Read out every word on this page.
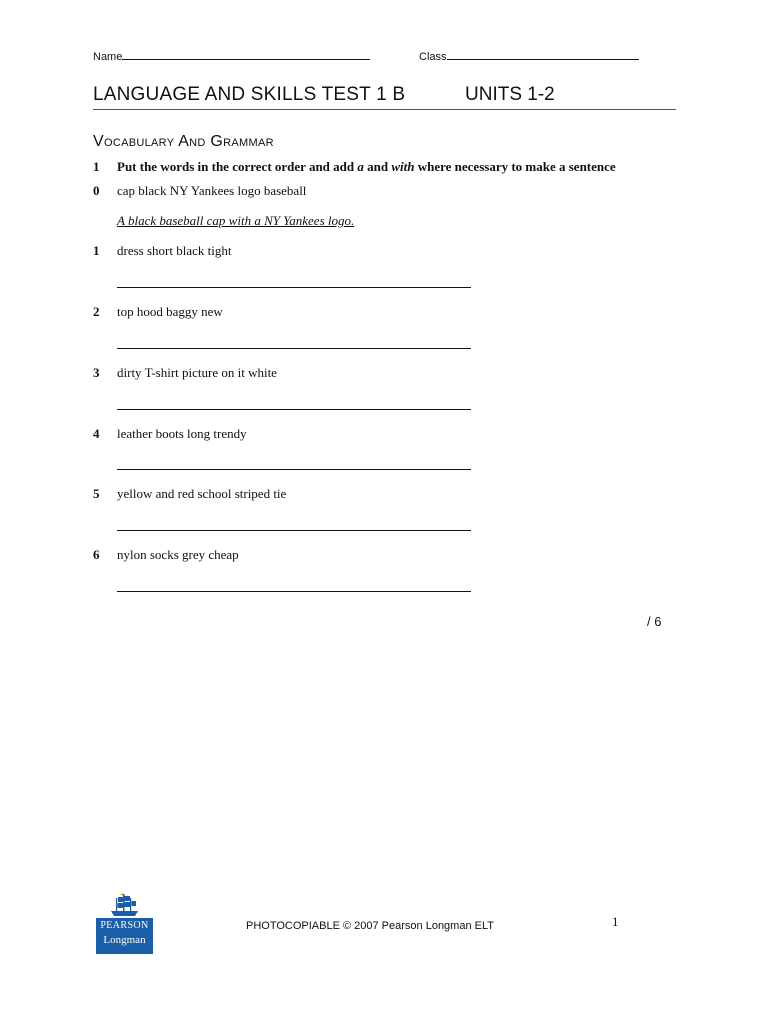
Name	Class
LANGUAGE AND SKILLS TEST 1 B	UNITS 1-2
Vocabulary And Grammar
1 Put the words in the correct order and add a and with where necessary to make a sentence
0 cap black NY Yankees logo baseball
A black baseball cap with a NY Yankees logo.
1 dress short black tight
2 top hood baggy new
3 dirty T-shirt picture on it white
4 leather boots long trendy
5 yellow and red school striped tie
6 nylon socks grey cheap
/ 6
PEARSON
Longman
PHOTOCOPIABLE © 2007 Pearson Longman ELT	1
